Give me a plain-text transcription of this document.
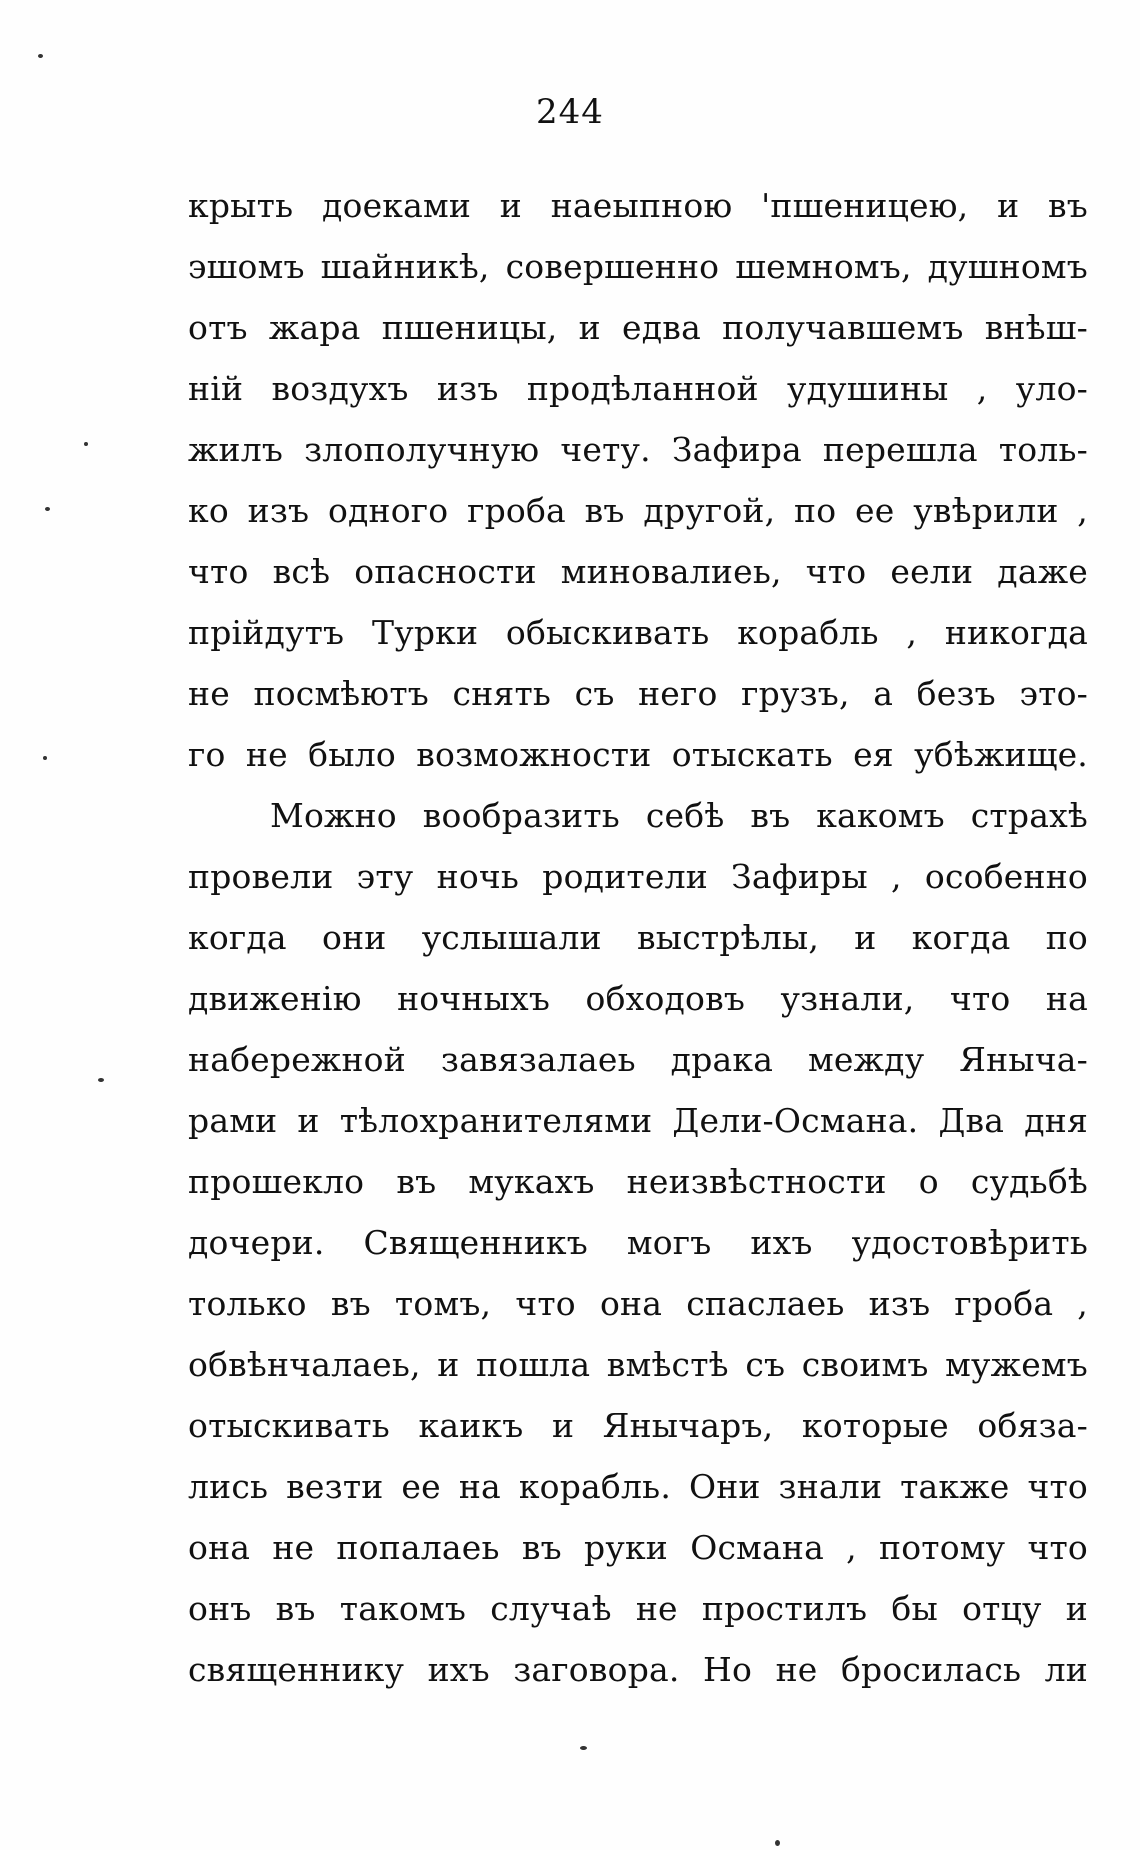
244
крыть доеками и наеыпною 'пшеницею, и въ
эшомъ шайникѣ, совершенно шемномъ, душномъ
отъ жара пшеницы, и едва получавшемъ внѣш-
ній воздухъ изъ продѣланной удушины , уло-
жилъ злополучную чету. Зафира перешла толь-
ко изъ одного гроба въ другой, по ее увѣрили ,
что всѣ опасности миновалиеь, что еели даже
прійдутъ Турки обыскивать корабль , никогда
не посмѣютъ снять съ него грузъ, а безъ это-
го не было возможности отыскать ея убѣжище.
Можно вообразить себѣ въ какомъ страхѣ
провели эту ночь родители Зафиры , особенно
когда они услышали выстрѣлы, и когда по
движенію ночныхъ обходовъ узнали, что на
набережной завязалаеь драка между Янычa-
рами и тѣлохранителями Дели-Османа. Два дня
прошекло въ мукахъ неизвѣстности о судьбѣ
дочери. Священникъ могъ ихъ удостовѣрить
только въ томъ, что она спаслаеь изъ гроба ,
обвѣнчалаеь, и пошла вмѣстѣ съ своимъ мужемъ
отыскивать каикъ и Янычаръ, которые обяза-
лись везти ее на корабль. Они знали также что
она не попалаеь въ руки Османа , потому что
онъ въ такомъ случаѣ не простилъ бы отцу и
священнику ихъ заговора. Но не бросилась ли
